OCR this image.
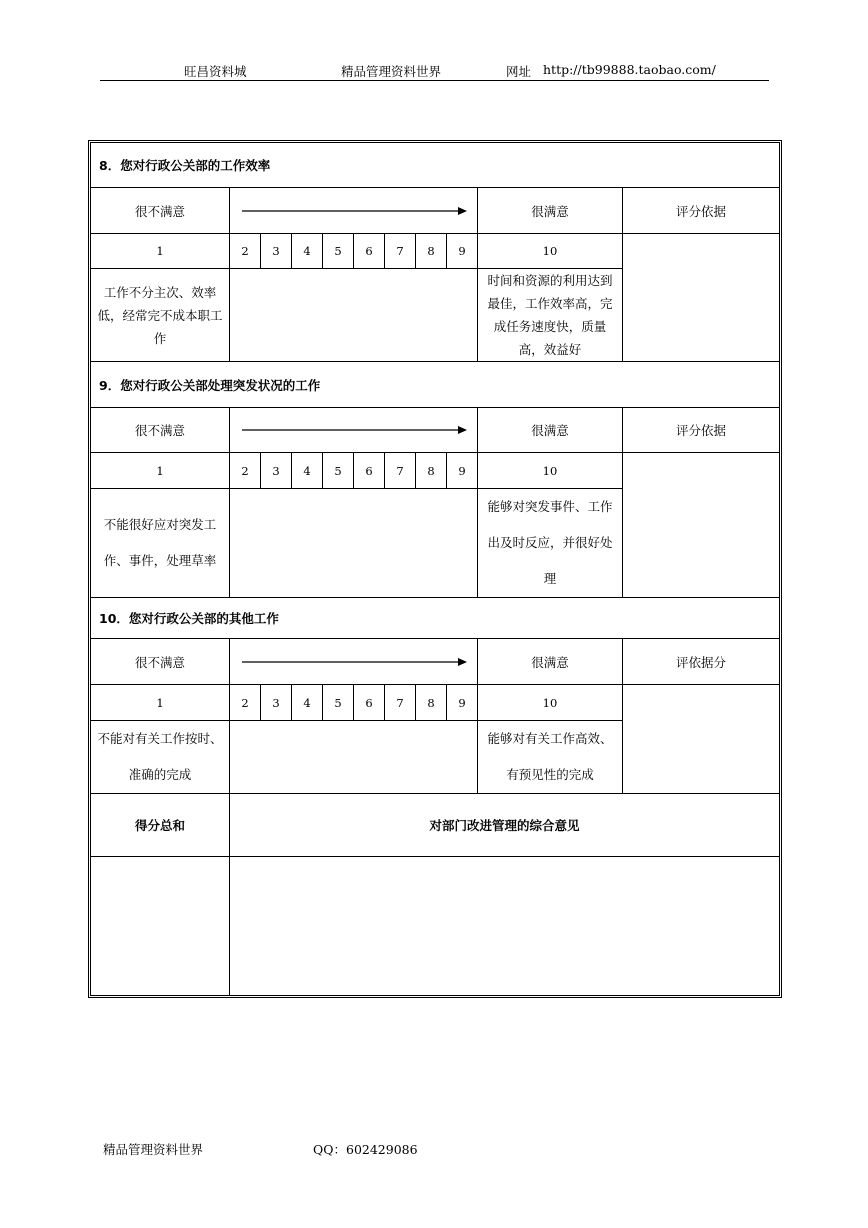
旺昌资料城	精品管理资料世界	网址 http://tb99888.taobao.com/
8．您对行政公关部的工作效率										
很不满意									很满意	评分依据
1	2	3	4	5	6	7	8	9	10	
工作不分主次、效率低，经常完不成本职工作									时间和资源的利用达到最佳，工作效率高，完成任务速度快，质量高，效益好	
9．您对行政公关部处理突发状况的工作										
很不满意									很满意	评分依据
1	2	3	4	5	6	7	8	9	10	
不能很好应对突发工作、事件，处理草率									能够对突发事件、工作出及时反应，并很好处理	
10．您对行政公关部的其他工作										
很不满意									很满意	评依据分
1	2	3	4	5	6	7	8	9	10	
不能对有关工作按时、准确的完成									能够对有关工作高效、有预见性的完成	
得分总和	对部门改进管理的综合意见									

精品管理资料世界	QQ：602429086
